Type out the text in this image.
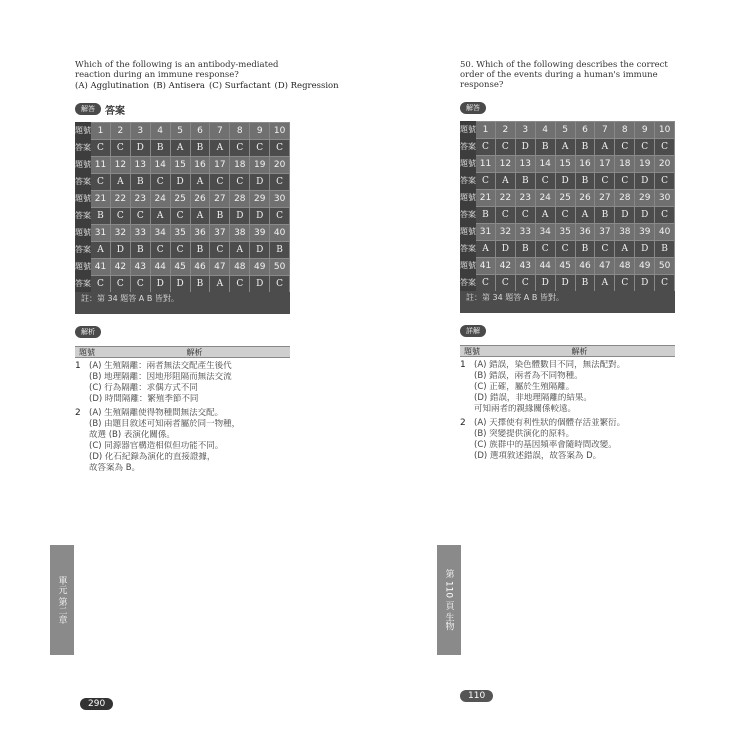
Which of the following is an antibody-mediated
reaction during an immune response?
(A) Agglutination (B) Antisera (C) Surfactant (D) Regression
解答	答案
題號 1	2	3	4	5	6	7	8	9	10
答案 C	C	D	B	A	B	A	C	C	C
題號 11 12 13 14 15 16 17 18 19 20
答案 C	A	B	C	D	A	C	C	D	C
題號 21 22 23 24 25 26 27 28 29 30
答案 B	C	C	A	C	A	B	D	D	C
題號 31 32 33 34 35 36 37 38 39 40
答案 A	D	B	C	C	B	C	A	D	B
題號 41 42 43 44 45 46 47 48 49 50
答案 C	C	C	D	D	B	A	C	D	C
註：第 34 題答 A B 皆對。
解析
題號	解析
1 (A) 生殖隔離：兩者無法交配產生後代
(B) 地理隔離：因地形阻隔而無法交流
(C) 行為隔離：求偶方式不同
(D) 時間隔離：繁殖季節不同
2 (A) 生殖隔離使得物種間無法交配。
(B) 由題目敘述可知兩者屬於同一物種，
故選 (B) 表演化關係。
(C) 同源器官構造相似但功能不同。
(D) 化石紀錄為演化的直接證據，
故答案為 B。
單元 第二章
290
50. Which of the following describes the correct
order of the events during a human's immune
response?
解答
題號 1	2	3	4	5	6	7	8	9	10
答案 C	C	D	B	A	B	A	C	C	C
題號 11 12 13 14 15 16 17 18 19 20
答案 C	A	B	C	D	B	C	C	D	C
題號 21 22 23 24 25 26 27 28 29 30
答案 B	C	C	A	C	A	B	D	D	C
題號 31 32 33 34 35 36 37 38 39 40
答案 A	D	B	C	C	B	C	A	D	B
題號 41 42 43 44 45 46 47 48 49 50
答案 C	C	C	D	D	B	A	C	D	C
註：第 34 題答 A B 皆對。
詳解
題號	解析
1 (A) 錯誤，染色體數目不同，無法配對。
(B) 錯誤，兩者為不同物種。
(C) 正確，屬於生殖隔離。
(D) 錯誤，非地理隔離的結果。
可知兩者的親緣關係較遠。
2 (A) 天擇使有利性狀的個體存活並繁衍。
(B) 突變提供演化的原料。
(C) 族群中的基因頻率會隨時間改變。
(D) 選項敘述錯誤，故答案為 D。
第 110 頁 生物
110
